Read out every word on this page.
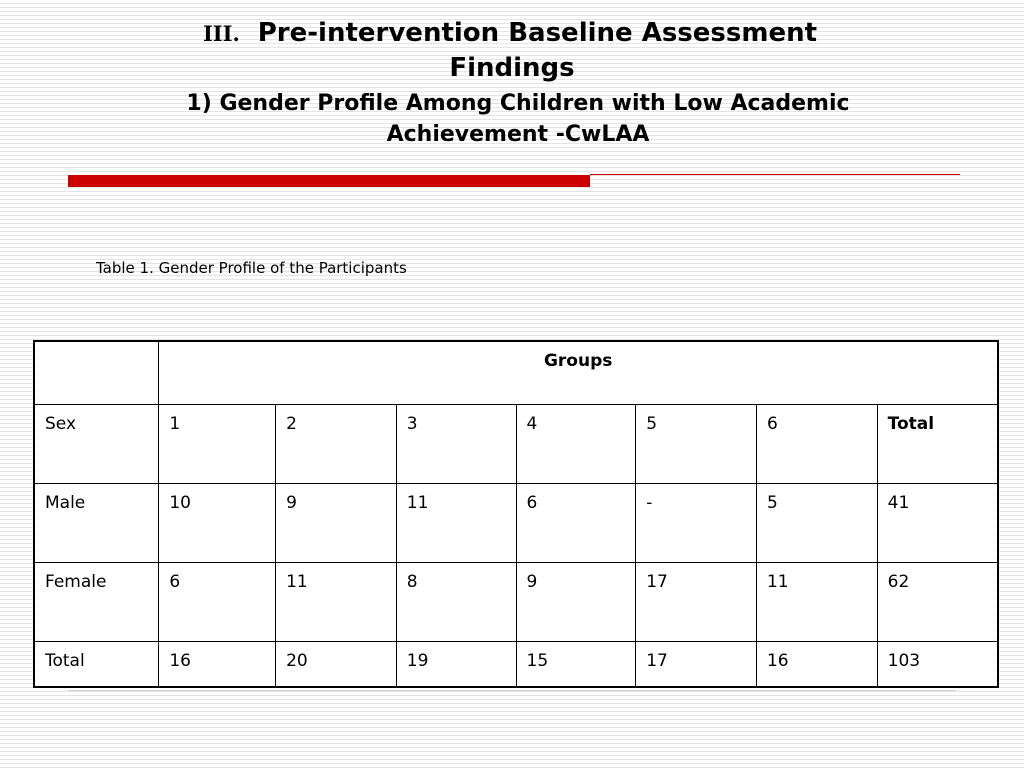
III. Pre-intervention Baseline Assessment
Findings
1) Gender Profile Among Children with Low Academic
Achievement -CwLAA
Table 1. Gender Profile of the Participants
	Groups						
Sex	1	2	3	4	5	6	Total
Male	10	9	11	6	-	5	41
Female	6	11	8	9	17	11	62
Total	16	20	19	15	17	16	103
